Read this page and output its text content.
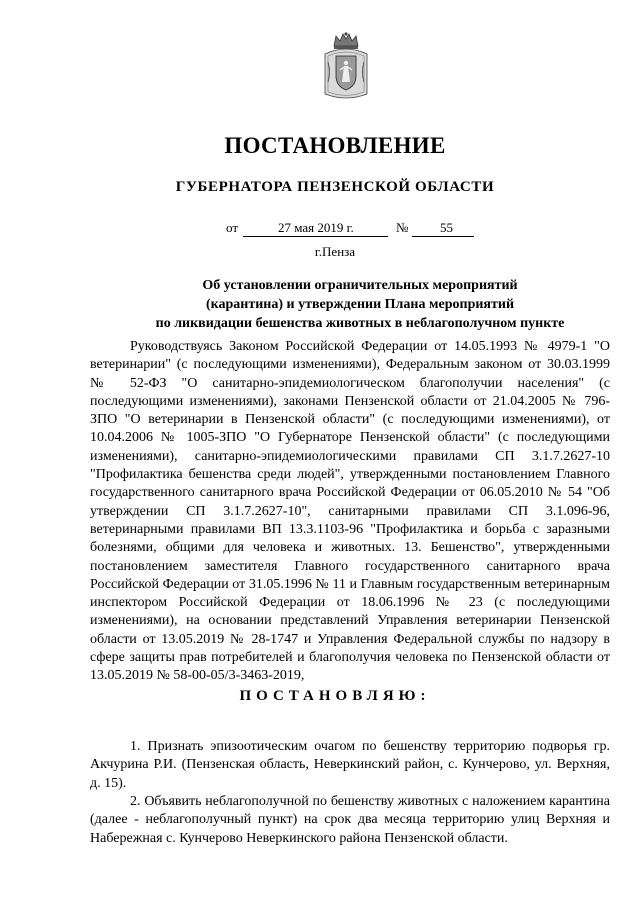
ПОСТАНОВЛЕНИЕ
ГУБЕРНАТОРА ПЕНЗЕНСКОЙ ОБЛАСТИ
от	27 мая 2019 г.	№ 55
г.Пенза
Об установлении ограничительных мероприятий
(карантина) и утверждении Плана мероприятий
по ликвидации бешенства животных в неблагополучном пункте
Руководствуясь Законом Российской Федерации от 14.05.1993 № 4979-1 "О ветеринарии" (с последующими изменениями), Федеральным законом от 30.03.1999 № 52-ФЗ "О санитарно-эпидемиологическом благополучии населения" (с последующими изменениями), законами Пензенской области от 21.04.2005 № 796-ЗПО "О ветеринарии в Пензенской области" (с последующими изменениями), от 10.04.2006 № 1005-ЗПО "О Губернаторе Пензенской области" (с последующими изменениями), санитарно-эпидемиологическими правилами СП 3.1.7.2627-10 "Профилактика бешенства среди людей", утвержденными постановлением Главного государственного санитарного врача Российской Федерации от 06.05.2010 № 54 "Об утверждении СП 3.1.7.2627-10", санитарными правилами СП 3.1.096-96, ветеринарными правилами ВП 13.3.1103-96 "Профилактика и борьба с заразными болезнями, общими для человека и животных. 13. Бешенство", утвержденными постановлением заместителя Главного государственного санитарного врача Российской Федерации от 31.05.1996 № 11 и Главным государственным ветеринарным инспектором Российской Федерации от 18.06.1996 № 23 (с последующими изменениями), на основании представлений Управления ветеринарии Пензенской области от 13.05.2019 № 28-1747 и Управления Федеральной службы по надзору в сфере защиты прав потребителей и благополучия человека по Пензенской области от 13.05.2019 № 58-00-05/3-3463-2019,
ПОСТАНОВЛЯЮ:
1. Признать эпизоотическим очагом по бешенству территорию подворья гр. Акчурина Р.И. (Пензенская область, Неверкинский район, с. Кунчерово, ул. Верхняя, д. 15).
2. Объявить неблагополучной по бешенству животных с наложением карантина (далее - неблагополучный пункт) на срок два месяца территорию улиц Верхняя и Набережная с. Кунчерово Неверкинского района Пензенской области.
